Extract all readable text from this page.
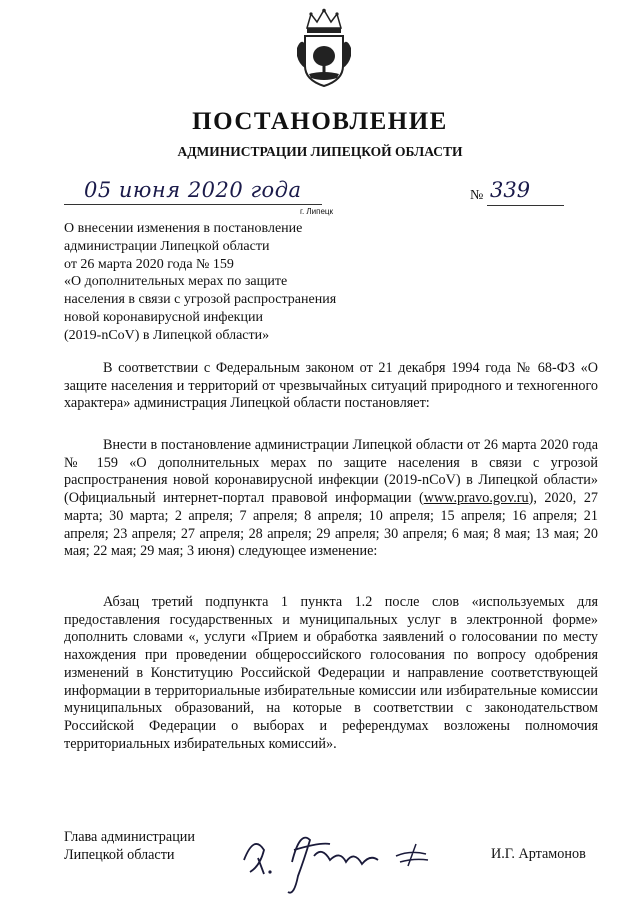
ПОСТАНОВЛЕНИЕ
АДМИНИСТРАЦИИ ЛИПЕЦКОЙ ОБЛАСТИ
05 июня 2020 года
г. Липецк
№ 339
О внесении изменения в постановление
администрации Липецкой области
от 26 марта 2020 года № 159
«О дополнительных мерах по защите
населения в связи с угрозой распространения
новой коронавирусной инфекции
(2019-nCoV) в Липецкой области»

В соответствии с Федеральным законом от 21 декабря 1994 года № 68-ФЗ «О защите населения и территорий от чрезвычайных ситуаций природного и техногенного характера» администрация Липецкой области постановляет:

Внести в постановление администрации Липецкой области от 26 марта 2020 года № 159 «О дополнительных мерах по защите населения в связи с угрозой распространения новой коронавирусной инфекции (2019-nCoV) в Липецкой области» (Официальный интернет-портал правовой информации (www.pravo.gov.ru), 2020, 27 марта; 30 марта; 2 апреля; 7 апреля; 8 апреля; 10 апреля; 15 апреля; 16 апреля; 21 апреля; 23 апреля; 27 апреля; 28 апреля; 29 апреля; 30 апреля; 6 мая; 8 мая; 13 мая; 20 мая; 22 мая; 29 мая; 3 июня) следующее изменение:

Абзац третий подпункта 1 пункта 1.2 после слов «используемых для предоставления государственных и муниципальных услуг в электронной форме» дополнить словами «, услуги «Прием и обработка заявлений о голосовании по месту нахождения при проведении общероссийского голосования по вопросу одобрения изменений в Конституцию Российской Федерации и направление соответствующей информации в территориальные избирательные комиссии или избирательные комиссии муниципальных образований, на которые в соответствии с законодательством Российской Федерации о выборах и референдумах возложены полномочия территориальных избирательных комиссий».

Глава администрации
Липецкой области	И.Г. Артамонов
